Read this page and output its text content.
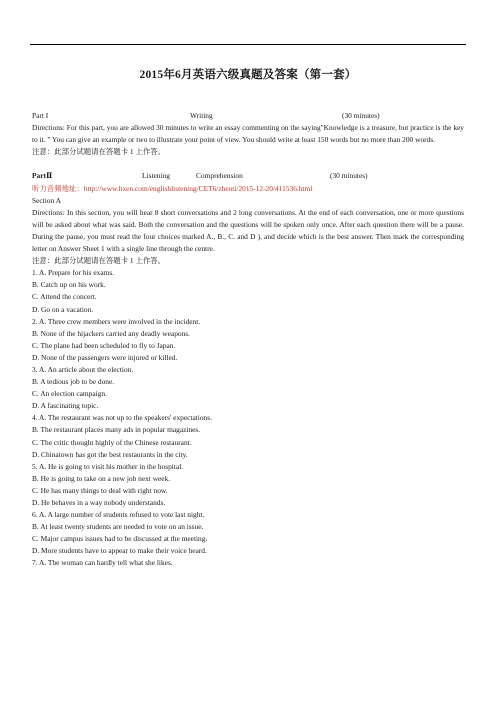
2015年6月英语六级真题及答案（第一套）
Part I	Writing	(30 minutes)

Directions: For this part, you are allowed 30 minutes to write an essay commenting on the saying"Knowledge is a treasure, but practice is the key to it. " You can give an example or two to illustrate your point of view. You should write at least 150 words but no more than 200 words.

注意：此部分试题请在答题卡 1 上作答。

PartⅡ	Listening	Comprehension	(30 minutes)

听力音频地址：http://www.hxen.com/englishlistening/CET6/zhenti/2015-12-20/411536.html

Section A

Directions: In this section, you will hear 8 short conversations and 2 long conversations. At the end of each conversation, one or more questions will be asked about what was said. Both the conversation and the questions will be spoken only once. After each question there will be a pause. During the pause, you must read the four choices marked A., B., C. and D ), and decide which is the best answer. Then mark the corresponding letter on Answer Sheet 1 with a single line through the centre.

注意：此部分试题请在答题卡 1 上作答。

1. A. Prepare for his exams.

B. Catch up on his work.

C. Attend the concert.

D. Go on a vacation.

2. A. Three crew members were involved in the incident.

B. None of the hijackers carried any deadly weapons.

C. The plane had been scheduled to fly to Japan.

D. None of the passengers were injured or killed.

3. A. An article about the election.

B. A tedious job to be done.

C. An election campaign.

D. A fascinating topic.

4. A. The restaurant was not up to the speakers' expectations.

B. The restaurant places many ads in popular magazines.

C. The critic thought highly of the Chinese restaurant.

D. Chinatown has got the best restaurants in the city.

5. A. He is going to visit his mother in the hospital.

B. He is going to take on a new job next week.

C. He has many things to deal with right now.

D. He behaves in a way nobody understands.

6. A. A large number of students refused to vote last night.

B. At least twenty students are needed to vote on an issue.

C. Major campus issues had to be discussed at the meeting.

D. More students have to appear to make their voice heard.

7. A. The woman can hardly tell what she likes.
